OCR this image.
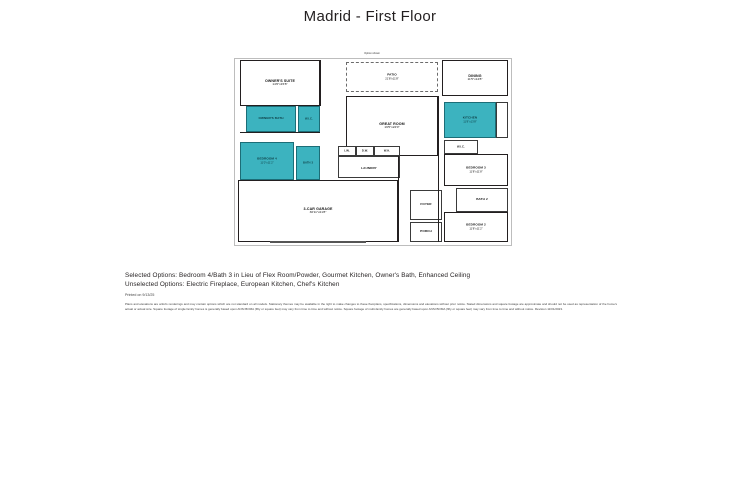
Madrid - First Floor
Option shown
OWNER'S SUITE
14'6"x15'8"
PATIO
21'8"x11'8"
DINING
11'5"x14'8"
GREAT ROOM
19'5"x22'0"
OWNER'S BATH	KITCHEN
11'8"x13'8"
W.I.C.
W.I.C.
BEDROOM 4
11'0"x11'2"	BATH 3
LAUNDRY
LIN.	D.W.	W.H.
BEDROOM 3
11'8"x11'8"
3-CAR GARAGE
30'11"x21'8"
FOYER
BATH 2
PORCH
BEDROOM 2
11'8"x11'2"
Selected Options: Bedroom 4/Bath 3 in Lieu of Flex Room/Powder, Gourmet Kitchen, Owner's Bath, Enhanced Ceiling
Unselected Options: Electric Fireplace, European Kitchen, Chef's Kitchen
Printed on 9/13/25
Plans and elevations are artist's renderings and may contain options which are not standard on all models. Stationary themes may be available in the right to make changes to these floorplans, specifications, dimensions and elevations without prior notice. Stated dimensions and square footage are approximate and should not be used as representation of the home's actual or actual size. Square footage of single family homes is generally based upon ANSI BOMA (fifty or square feet) may vary from time to time and without notice. Square footage of multi-family homes are generally based upon ANSI BOMA (fifty or square feet) may vary from time to time and without notice. Revision 11/01/2023.
